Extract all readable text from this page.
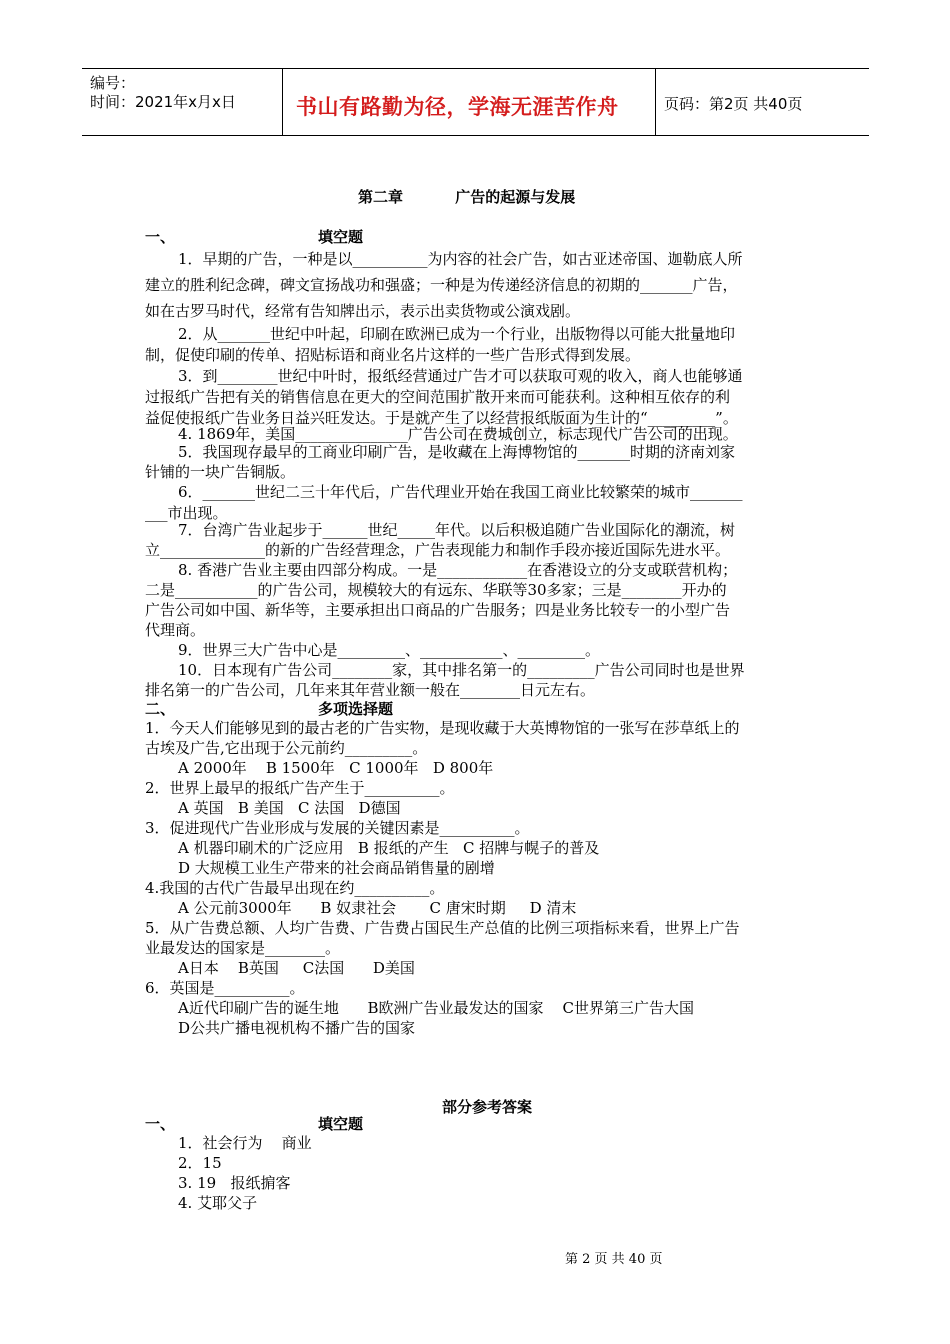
编号：
时间：2021年x月x日	书山有路勤为径，学海无涯苦作舟	页码：第2页 共40页
第二章          广告的起源与发展
一、	填空题
1．早期的广告，一种是以__________为内容的社会广告，如古亚述帝国、迦勒底人所
建立的胜利纪念碑，碑文宣扬战功和强盛；一种是为传递经济信息的初期的_______广告，
如在古罗马时代，经常有告知牌出示，表示出卖货物或公演戏剧。
2．从_______世纪中叶起，印刷在欧洲已成为一个行业，出版物得以可能大批量地印
制，促使印刷的传单、招贴标语和商业名片这样的一些广告形式得到发展。
3．到________世纪中叶时，报纸经营通过广告才可以获取可观的收入，商人也能够通
过报纸广告把有关的销售信息在更大的空间范围扩散开来而可能获利。这种相互依存的利
益促使报纸广告业务日益兴旺发达。于是就产生了以经营报纸版面为生计的“_________”。
4. 1869年，美国_______________广告公司在费城创立，标志现代广告公司的出现。
5．我国现存最早的工商业印刷广告，是收藏在上海博物馆的_______时期的济南刘家
针铺的一块广告铜版。
6．_______世纪二三十年代后，广告代理业开始在我国工商业比较繁荣的城市_______
___市出现。
7．台湾广告业起步于______世纪_____年代。以后积极追随广告业国际化的潮流，树
立______________的新的广告经营理念，广告表现能力和制作手段亦接近国际先进水平。
8. 香港广告业主要由四部分构成。一是____________在香港设立的分支或联营机构；
二是___________的广告公司，规模较大的有远东、华联等30多家；三是________开办的
广告公司如中国、新华等，主要承担出口商品的广告服务；四是业务比较专一的小型广告
代理商。
9．世界三大广告中心是_________、___________、_________。
10．日本现有广告公司________家，其中排名第一的_________广告公司同时也是世界
排名第一的广告公司，几年来其年营业额一般在________日元左右。
二、	多项选择题
1．今天人们能够见到的最古老的广告实物，是现收藏于大英博物馆的一张写在莎草纸上的
古埃及广告,它出现于公元前约_________。
A 2000年    B 1500年   C 1000年   D 800年
2．世界上最早的报纸广告产生于__________。
A 英国   B 美国   C 法国   D德国
3．促进现代广告业形成与发展的关键因素是__________。
A 机器印刷术的广泛应用   B 报纸的产生   C 招牌与幌子的普及
D 大规模工业生产带来的社会商品销售量的剧增
4.我国的古代广告最早出现在约__________。
A 公元前3000年      B 奴隶社会       C 唐宋时期     D 清末
5．从广告费总额、人均广告费、广告费占国民生产总值的比例三项指标来看，世界上广告
业最发达的国家是________。
A日本    B英国     C法国      D美国
6．英国是__________。
A近代印刷广告的诞生地      B欧洲广告业最发达的国家    C世界第三广告大国
D公共广播电视机构不播广告的国家
部分参考答案
一、	填空题
1．社会行为    商业
2．15
3. 19   报纸掮客
4. 艾耶父子
第 2 页 共 40 页
